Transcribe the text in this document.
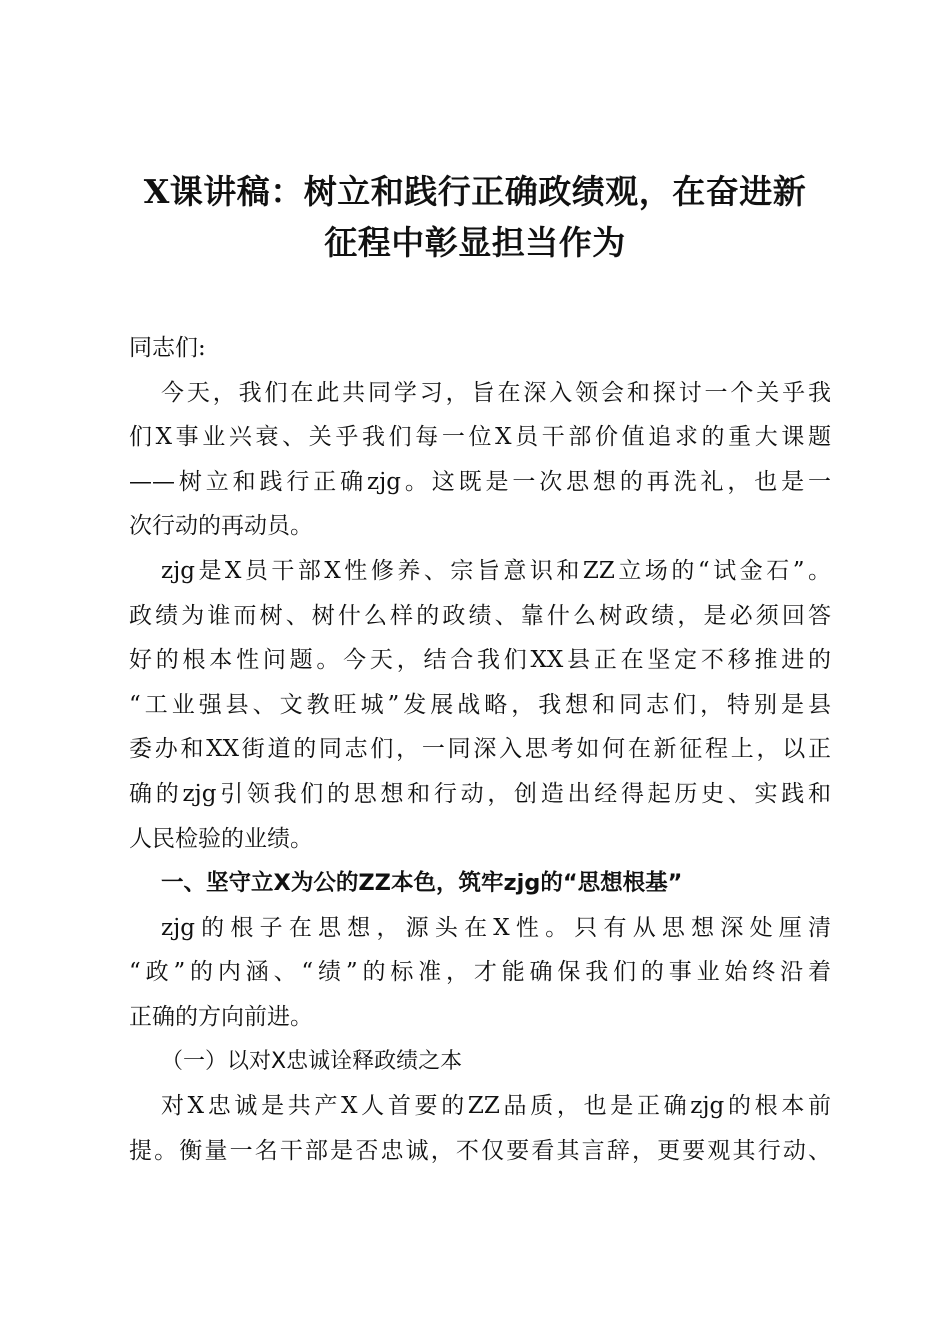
X课讲稿：树立和践行正确政绩观，在奋进新
征程中彰显担当作为
同志们:
今天，我们在此共同学习，旨在深入领会和探讨一个关乎我
们X事业兴衰、关乎我们每一位X员干部价值追求的重大课题
——树立和践行正确zjg。这既是一次思想的再洗礼，也是一
次行动的再动员。
zjg是X员干部X性修养、宗旨意识和ZZ立场的“试金石”。
政绩为谁而树、树什么样的政绩、靠什么树政绩，是必须回答
好的根本性问题。今天，结合我们XX县正在坚定不移推进的
“工业强县、文教旺城”发展战略，我想和同志们，特别是县
委办和XX街道的同志们，一同深入思考如何在新征程上，以正
确的zjg引领我们的思想和行动，创造出经得起历史、实践和
人民检验的业绩。
一、坚守立X为公的ZZ本色，筑牢zjg的“思想根基”
zjg的根子在思想，源头在X性。只有从思想深处厘清
“政”的内涵、“绩”的标准，才能确保我们的事业始终沿着
正确的方向前进。
（一）以对X忠诚诠释政绩之本
对X忠诚是共产X人首要的ZZ品质，也是正确zjg的根本前
提。衡量一名干部是否忠诚，不仅要看其言辞，更要观其行动、
